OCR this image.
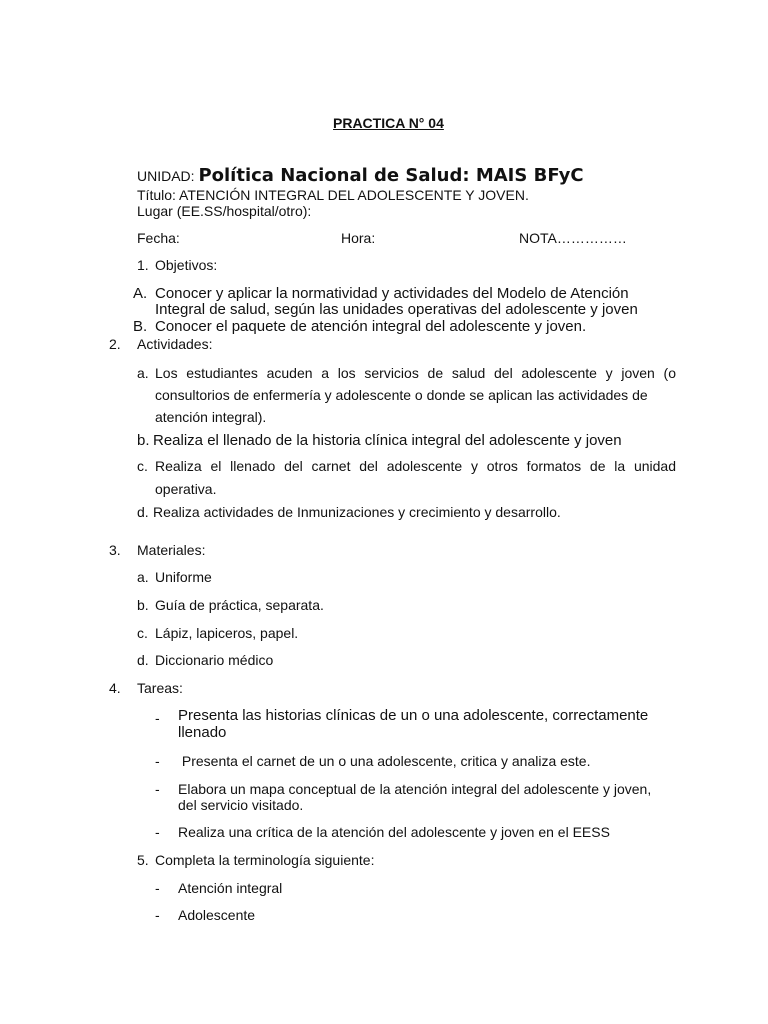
PRACTICA N° 04
UNIDAD: Política Nacional de Salud: MAIS BFyC
Título: ATENCIÓN INTEGRAL DEL ADOLESCENTE Y JOVEN.
Lugar (EE.SS/hospital/otro):
Fecha:	Hora:	NOTA……………
1. Objetivos:
A. Conocer y aplicar la normatividad y actividades del Modelo de Atención
Integral de salud, según las unidades operativas del adolescente y joven
B. Conocer el paquete de atención integral del adolescente y joven.
2. Actividades:
a. Los estudiantes acuden a los servicios de salud del adolescente y joven (o
consultorios de enfermería y adolescente o donde se aplican las actividades de
atención integral).
b. Realiza el llenado de la historia clínica integral del adolescente y joven
c. Realiza el llenado del carnet del adolescente y otros formatos de la unidad
operativa.
d. Realiza actividades de Inmunizaciones y crecimiento y desarrollo.
3. Materiales:
a. Uniforme
b. Guía de práctica, separata.
c. Lápiz, lapiceros, papel.
d. Diccionario médico
4. Tareas:
- Presenta las historias clínicas de un o una adolescente, correctamente
llenado
- Presenta el carnet de un o una adolescente, critica y analiza este.
- Elabora un mapa conceptual de la atención integral del adolescente y joven,
del servicio visitado.
- Realiza una crítica de la atención del adolescente y joven en el EESS
5. Completa la terminología siguiente:
- Atención integral
- Adolescente
